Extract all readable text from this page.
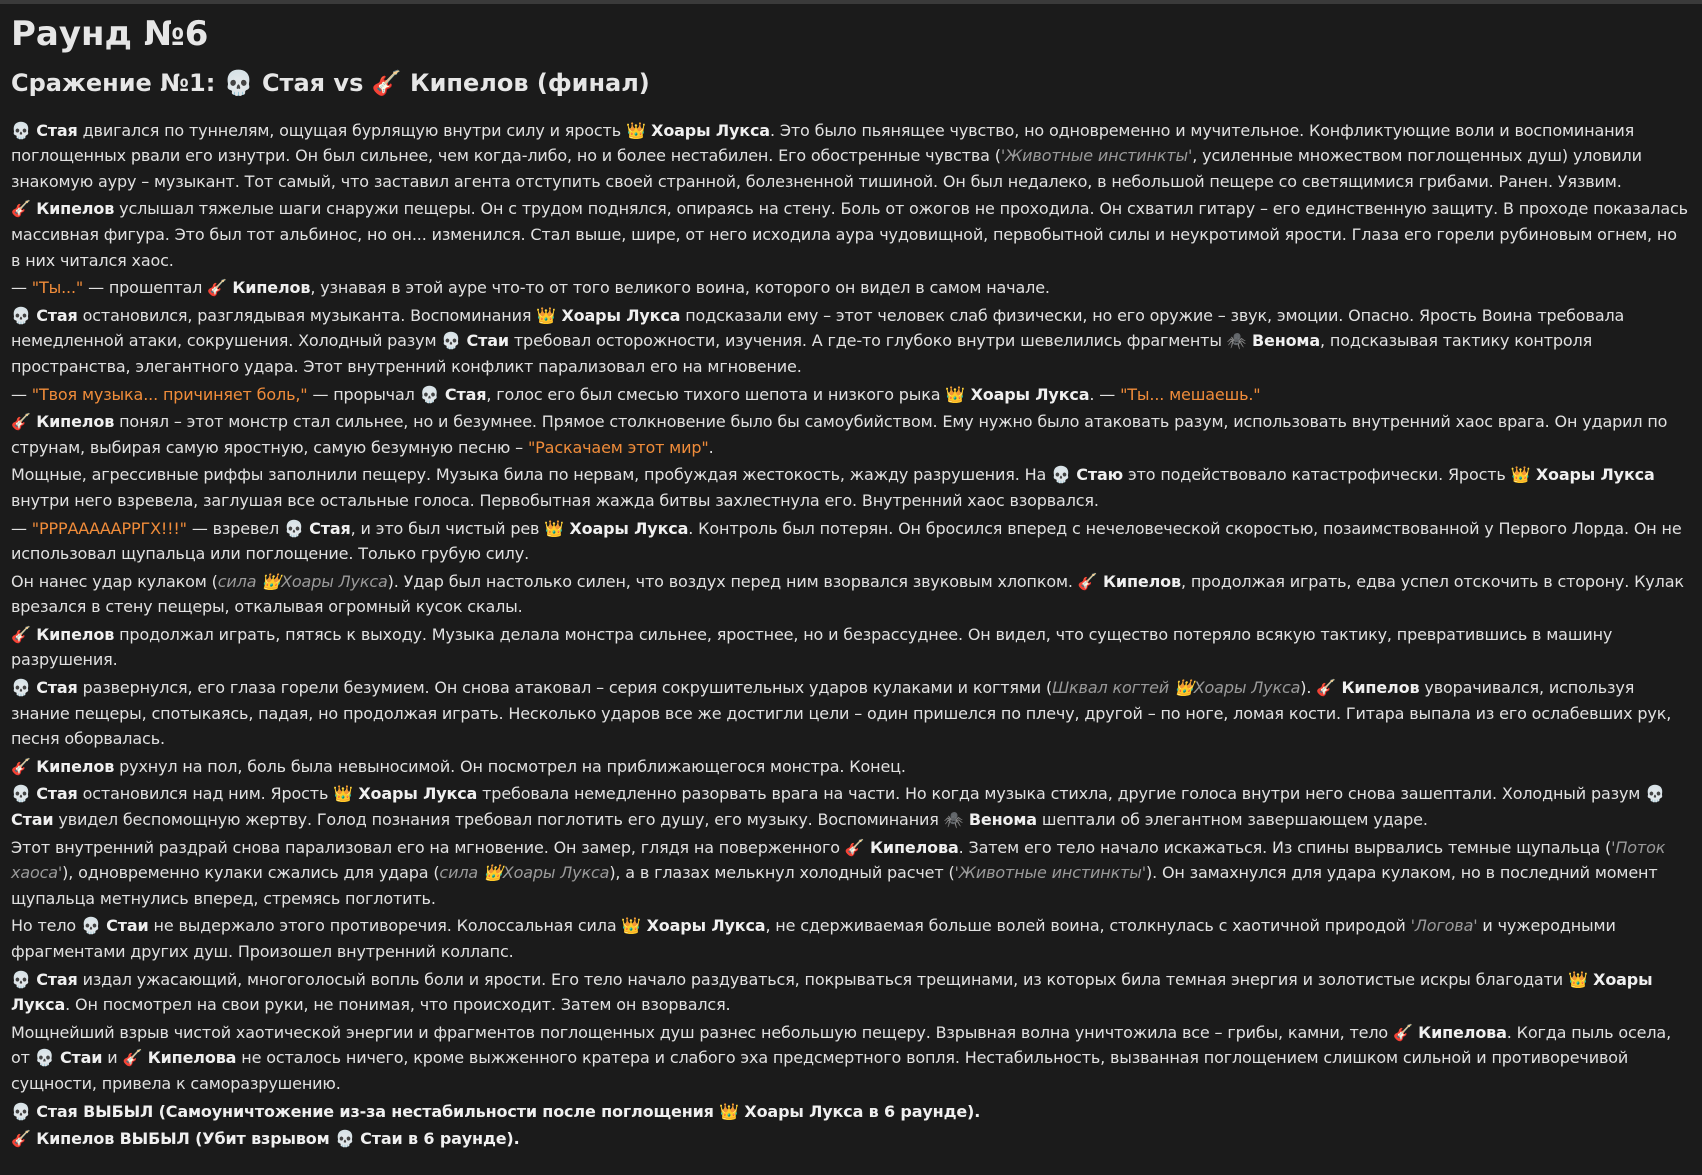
Раунд №6
Сражение №1: 💀 Стая vs 🎸 Кипелов (финал)

💀 Стая двигался по туннелям, ощущая бурлящую внутри силу и ярость 👑 Хоары Лукса. Это было пьянящее чувство, но одновременно и мучительное. Конфликтующие воли и воспоминания поглощенных рвали его изнутри. Он был сильнее, чем когда-либо, но и более нестабилен. Его обостренные чувства ('Животные инстинкты', усиленные множеством поглощенных душ) уловили знакомую ауру – музыкант. Тот самый, что заставил агента отступить своей странной, болезненной тишиной. Он был недалеко, в небольшой пещере со светящимися грибами. Ранен. Уязвим.

🎸 Кипелов услышал тяжелые шаги снаружи пещеры. Он с трудом поднялся, опираясь на стену. Боль от ожогов не проходила. Он схватил гитару – его единственную защиту. В проходе показалась массивная фигура. Это был тот альбинос, но он... изменился. Стал выше, шире, от него исходила аура чудовищной, первобытной силы и неукротимой ярости. Глаза его горели рубиновым огнем, но в них читался хаос.

— "Ты..." — прошептал 🎸 Кипелов, узнавая в этой ауре что-то от того великого воина, которого он видел в самом начале.

💀 Стая остановился, разглядывая музыканта. Воспоминания 👑 Хоары Лукса подсказали ему – этот человек слаб физически, но его оружие – звук, эмоции. Опасно. Ярость Воина требовала немедленной атаки, сокрушения. Холодный разум 💀 Стаи требовал осторожности, изучения. А где-то глубоко внутри шевелились фрагменты 🕷️ Венома, подсказывая тактику контроля пространства, элегантного удара. Этот внутренний конфликт парализовал его на мгновение.

— "Твоя музыка... причиняет боль," — прорычал 💀 Стая, голос его был смесью тихого шепота и низкого рыка 👑 Хоары Лукса. — "Ты... мешаешь."

🎸 Кипелов понял – этот монстр стал сильнее, но и безумнее. Прямое столкновение было бы самоубийством. Ему нужно было атаковать разум, использовать внутренний хаос врага. Он ударил по струнам, выбирая самую яростную, самую безумную песню – "Раскачаем этот мир".

Мощные, агрессивные риффы заполнили пещеру. Музыка била по нервам, пробуждая жестокость, жажду разрушения. На 💀 Стаю это подействовало катастрофически. Ярость 👑 Хоары Лукса внутри него взревела, заглушая все остальные голоса. Первобытная жажда битвы захлестнула его. Внутренний хаос взорвался.

— "РРРАААААРРГХ!!!" — взревел 💀 Стая, и это был чистый рев 👑 Хоары Лукса. Контроль был потерян. Он бросился вперед с нечеловеческой скоростью, позаимствованной у Первого Лорда. Он не использовал щупальца или поглощение. Только грубую силу.

Он нанес удар кулаком (сила 👑Хоары Лукса). Удар был настолько силен, что воздух перед ним взорвался звуковым хлопком. 🎸 Кипелов, продолжая играть, едва успел отскочить в сторону. Кулак врезался в стену пещеры, откалывая огромный кусок скалы.

🎸 Кипелов продолжал играть, пятясь к выходу. Музыка делала монстра сильнее, яростнее, но и безрассуднее. Он видел, что существо потеряло всякую тактику, превратившись в машину разрушения.

💀 Стая развернулся, его глаза горели безумием. Он снова атаковал – серия сокрушительных ударов кулаками и когтями (Шквал когтей 👑Хоары Лукса). 🎸 Кипелов уворачивался, используя знание пещеры, спотыкаясь, падая, но продолжая играть. Несколько ударов все же достигли цели – один пришелся по плечу, другой – по ноге, ломая кости. Гитара выпала из его ослабевших рук, песня оборвалась.

🎸 Кипелов рухнул на пол, боль была невыносимой. Он посмотрел на приближающегося монстра. Конец.

💀 Стая остановился над ним. Ярость 👑 Хоары Лукса требовала немедленно разорвать врага на части. Но когда музыка стихла, другие голоса внутри него снова зашептали. Холодный разум 💀 Стаи увидел беспомощную жертву. Голод познания требовал поглотить его душу, его музыку. Воспоминания 🕷️ Венома шептали об элегантном завершающем ударе.

Этот внутренний раздрай снова парализовал его на мгновение. Он замер, глядя на поверженного 🎸 Кипелова. Затем его тело начало искажаться. Из спины вырвались темные щупальца ('Поток хаоса'), одновременно кулаки сжались для удара (сила 👑Хоары Лукса), а в глазах мелькнул холодный расчет ('Животные инстинкты'). Он замахнулся для удара кулаком, но в последний момент щупальца метнулись вперед, стремясь поглотить.

Но тело 💀 Стаи не выдержало этого противоречия. Колоссальная сила 👑 Хоары Лукса, не сдерживаемая больше волей воина, столкнулась с хаотичной природой 'Логова' и чужеродными фрагментами других душ. Произошел внутренний коллапс.

💀 Стая издал ужасающий, многоголосый вопль боли и ярости. Его тело начало раздуваться, покрываться трещинами, из которых била темная энергия и золотистые искры благодати 👑 Хоары Лукса. Он посмотрел на свои руки, не понимая, что происходит. Затем он взорвался.

Мощнейший взрыв чистой хаотической энергии и фрагментов поглощенных душ разнес небольшую пещеру. Взрывная волна уничтожила все – грибы, камни, тело 🎸 Кипелова. Когда пыль осела, от 💀 Стаи и 🎸 Кипелова не осталось ничего, кроме выжженного кратера и слабого эха предсмертного вопля. Нестабильность, вызванная поглощением слишком сильной и противоречивой сущности, привела к саморазрушению.

💀 Стая ВЫБЫЛ (Самоуничтожение из-за нестабильности после поглощения 👑 Хоары Лукса в 6 раунде).

🎸 Кипелов ВЫБЫЛ (Убит взрывом 💀 Стаи в 6 раунде).
